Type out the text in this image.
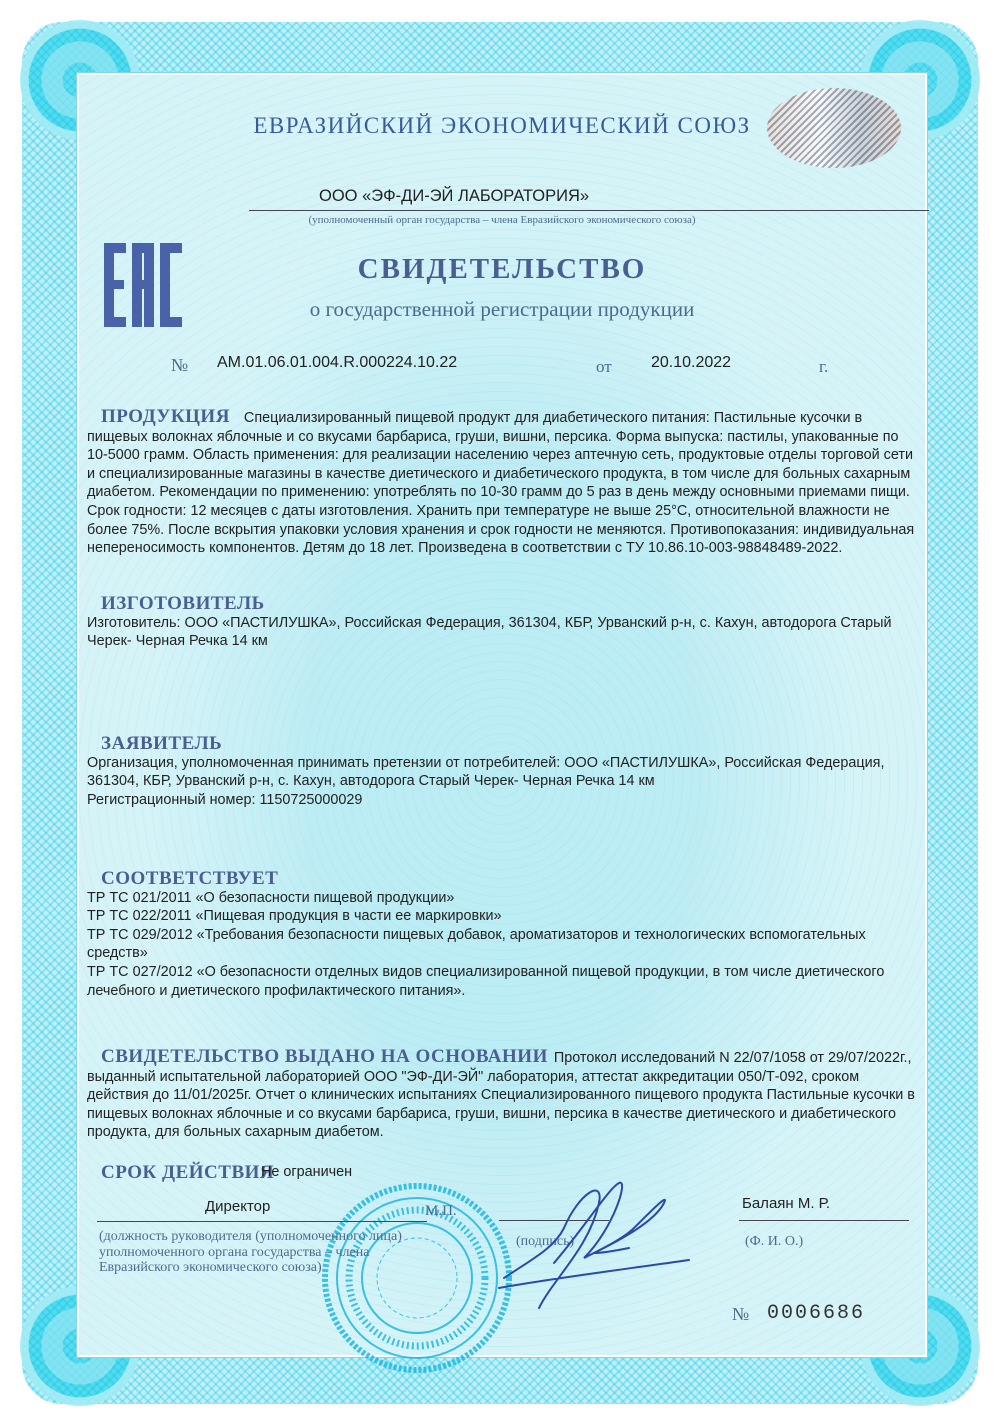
ЕВРАЗИЙСКИЙ ЭКОНОМИЧЕСКИЙ СОЮЗ
ООО «ЭФ-ДИ-ЭЙ ЛАБОРАТОРИЯ»
(уполномоченный орган государства – члена Евразийского экономического союза)
СВИДЕТЕЛЬСТВО
о государственной регистрации продукции
№ AM.01.06.01.004.R.000224.10.22	от 20.10.2022	г.
ПРОДУКЦИЯ Специализированный пищевой продукт для диабетического питания: Пастильные кусочки в пищевых волокнах яблочные и со вкусами барбариса, груши, вишни, персика. Форма выпуска: пастилы, упакованные по 10-5000 грамм. Область применения: для реализации населению через аптечную сеть, продуктовые отделы торговой сети и специализированные магазины в качестве диетического и диабетического продукта, в том числе для больных сахарным диабетом. Рекомендации по применению: употреблять по 10-30 грамм до 5 раз в день между основными приемами пищи. Срок годности: 12 месяцев с даты изготовления. Хранить при температуре не выше 25°С, относительной влажности не более 75%. После вскрытия упаковки условия хранения и срок годности не меняются. Противопоказания: индивидуальная непереносимость компонентов. Детям до 18 лет. Произведена в соответствии с ТУ 10.86.10-003-98848489-2022.
ИЗГОТОВИТЕЛЬ
Изготовитель: ООО «ПАСТИЛУШКА», Российская Федерация, 361304, КБР, Урванский р-н, с. Кахун, автодорога Старый Черек- Черная Речка 14 км
ЗАЯВИТЕЛЬ
Организация, уполномоченная принимать претензии от потребителей: ООО «ПАСТИЛУШКА», Российская Федерация, 361304, КБР, Урванский р-н, с. Кахун, автодорога Старый Черек- Черная Речка 14 км
Регистрационный номер: 1150725000029
СООТВЕТСТВУЕТ
ТР ТС 021/2011 «О безопасности пищевой продукции»
ТР ТС 022/2011 «Пищевая продукция в части ее маркировки»
ТР ТС 029/2012 «Требования безопасности пищевых добавок, ароматизаторов и технологических вспомогательных средств»
ТР ТС 027/2012 «О безопасности отделных видов специализированной пищевой продукции, в том числе диетического лечебного и диетического профилактического питания».
СВИДЕТЕЛЬСТВО ВЫДАНО НА ОСНОВАНИИ Протокол исследований N 22/07/1058 от 29/07/2022г., выданный испытательной лабораторией ООО "ЭФ-ДИ-ЭЙ" лаборатория, аттестат аккредитации 050/Т-092, сроком действия до 11/01/2025г. Отчет о клинических испытаниях Специализированного пищевого продукта Пастильные кусочки в пищевых волокнах яблочные и со вкусами барбариса, груши, вишни, персика в качестве диетического и диабетического продукта, для больных сахарным диабетом.
СРОК ДЕЙСТВИЯ
Не ограничен
Директор	М.П.
(должность руководителя (уполномоченного лица) уполномоченного органа государства – члена Евразийского экономического союза)
(подпись)
Балаян М. Р.
(Ф. И. О.)
№ 0006686
